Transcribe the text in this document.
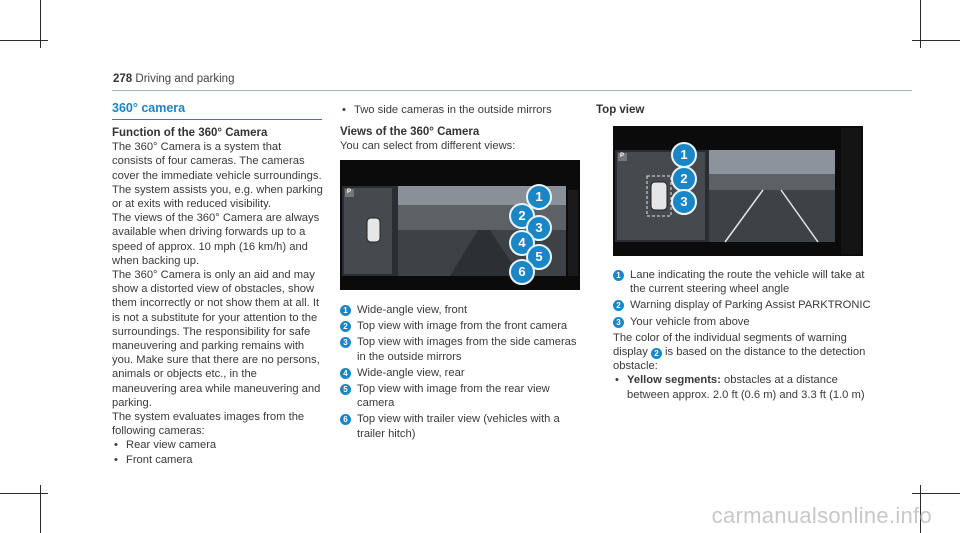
278 Driving and parking
360° camera
Function of the 360° Camera

The 360° Camera is a system that consists of four cameras. The cameras cover the immediate vehicle surroundings. The system assists you, e.g. when parking or at exits with reduced visibility.

The views of the 360° Camera are always available when driving forwards up to a speed of approx. 10 mph (16 km/h) and when backing up.

The 360° Camera is only an aid and may show a distorted view of obstacles, show them incorrectly or not show them at all. It is not a substitute for your attention to the surroundings. The responsibility for safe maneuvering and parking remains with you. Make sure that there are no persons, animals or objects etc., in the maneuvering area while maneuvering and parking.

The system evaluates images from the following cameras:

• Rear view camera
• Front camera
• Two side cameras in the outside mirrors
Views of the 360° Camera
You can select from different views:
P	1
2
3
4
5
6
1 Wide-angle view, front
2 Top view with image from the front camera
3 Top view with images from the side cameras in the outside mirrors
4 Wide-angle view, rear
5 Top view with image from the rear view camera
6 Top view with trailer view (vehicles with a trailer hitch)
Top view
P	1
2
3
1 Lane indicating the route the vehicle will take at the current steering wheel angle
2 Warning display of Parking Assist PARKTRONIC
3 Your vehicle from above

The color of the individual segments of warning display 2 is based on the distance to the detection obstacle:

• Yellow segments: obstacles at a distance between approx. 2.0 ft (0.6 m) and 3.3 ft (1.0 m)
carmanualsonline.info
